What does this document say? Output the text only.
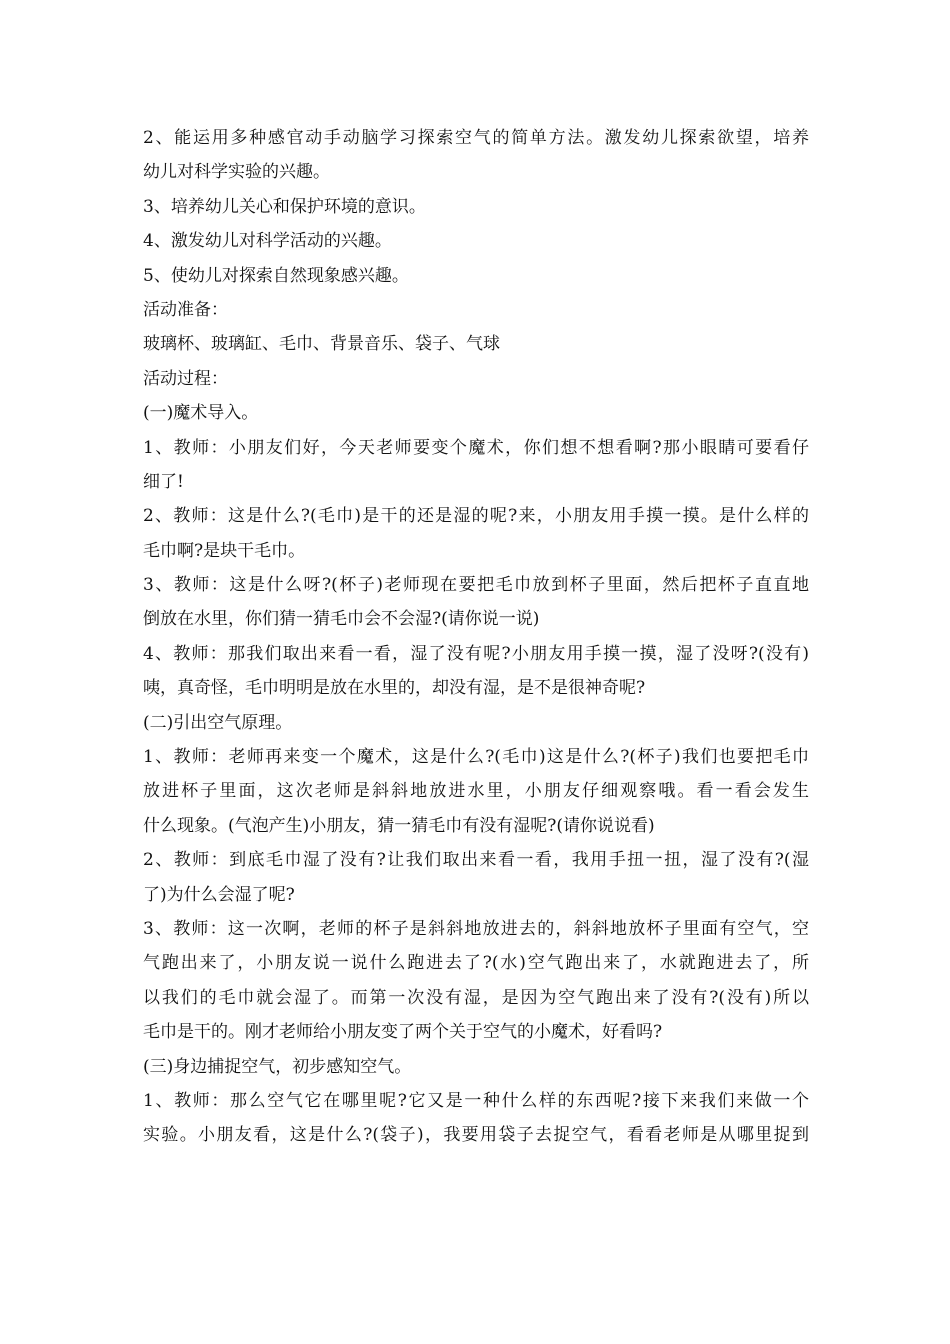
2、能运用多种感官动手动脑学习探索空气的简单方法。激发幼儿探索欲望，培养
幼儿对科学实验的兴趣。
3、培养幼儿关心和保护环境的意识。
4、激发幼儿对科学活动的兴趣。
5、使幼儿对探索自然现象感兴趣。
活动准备：
玻璃杯、玻璃缸、毛巾、背景音乐、袋子、气球
活动过程：
(一)魔术导入。
1、教师：小朋友们好，今天老师要变个魔术，你们想不想看啊?那小眼睛可要看仔
细了!
2、教师：这是什么?(毛巾)是干的还是湿的呢?来，小朋友用手摸一摸。是什么样的
毛巾啊?是块干毛巾。
3、教师：这是什么呀?(杯子)老师现在要把毛巾放到杯子里面，然后把杯子直直地
倒放在水里，你们猜一猜毛巾会不会湿?(请你说一说)
4、教师：那我们取出来看一看，湿了没有呢?小朋友用手摸一摸，湿了没呀?(没有)
咦，真奇怪，毛巾明明是放在水里的，却没有湿，是不是很神奇呢?
(二)引出空气原理。
1、教师：老师再来变一个魔术，这是什么?(毛巾)这是什么?(杯子)我们也要把毛巾
放进杯子里面，这次老师是斜斜地放进水里，小朋友仔细观察哦。看一看会发生
什么现象。(气泡产生)小朋友，猜一猜毛巾有没有湿呢?(请你说说看)
2、教师：到底毛巾湿了没有?让我们取出来看一看，我用手扭一扭，湿了没有?(湿
了)为什么会湿了呢?
3、教师：这一次啊，老师的杯子是斜斜地放进去的，斜斜地放杯子里面有空气，空
气跑出来了，小朋友说一说什么跑进去了?(水)空气跑出来了，水就跑进去了，所
以我们的毛巾就会湿了。而第一次没有湿，是因为空气跑出来了没有?(没有)所以
毛巾是干的。刚才老师给小朋友变了两个关于空气的小魔术，好看吗?
(三)身边捕捉空气，初步感知空气。
1、教师：那么空气它在哪里呢?它又是一种什么样的东西呢?接下来我们来做一个
实验。小朋友看，这是什么?(袋子)，我要用袋子去捉空气，看看老师是从哪里捉到
